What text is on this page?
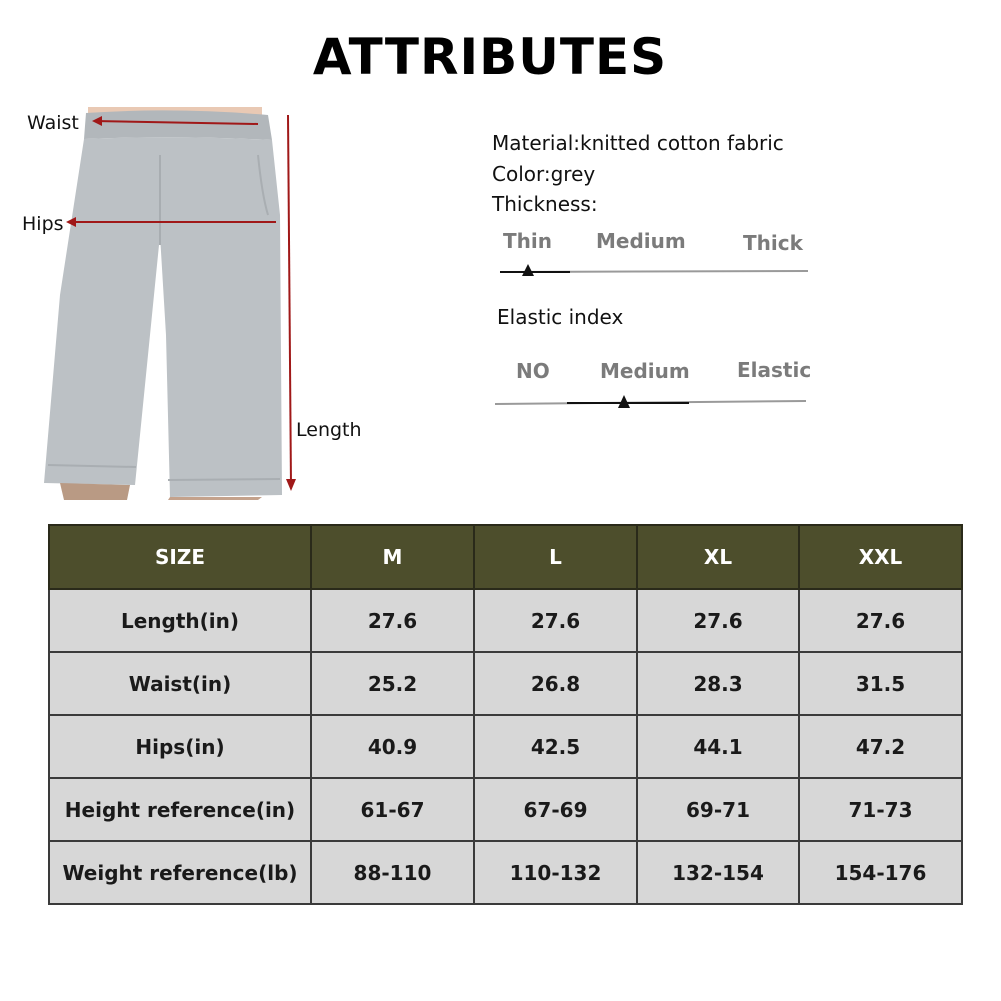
ATTRIBUTES
Waist
Hips
Length
Material:knitted cotton fabric
Color:grey
Thickness:
Thin Medium	Thick
Elastic index
NO	Medium Elastic
SIZE	M	L	XL	XXL
Length(in)	27.6	27.6	27.6	27.6
Waist(in)	25.2	26.8	28.3	31.5
Hips(in)	40.9	42.5	44.1	47.2
Height reference(in)	61-67	67-69	69-71	71-73
Weight reference(lb)	88-110	110-132	132-154	154-176
